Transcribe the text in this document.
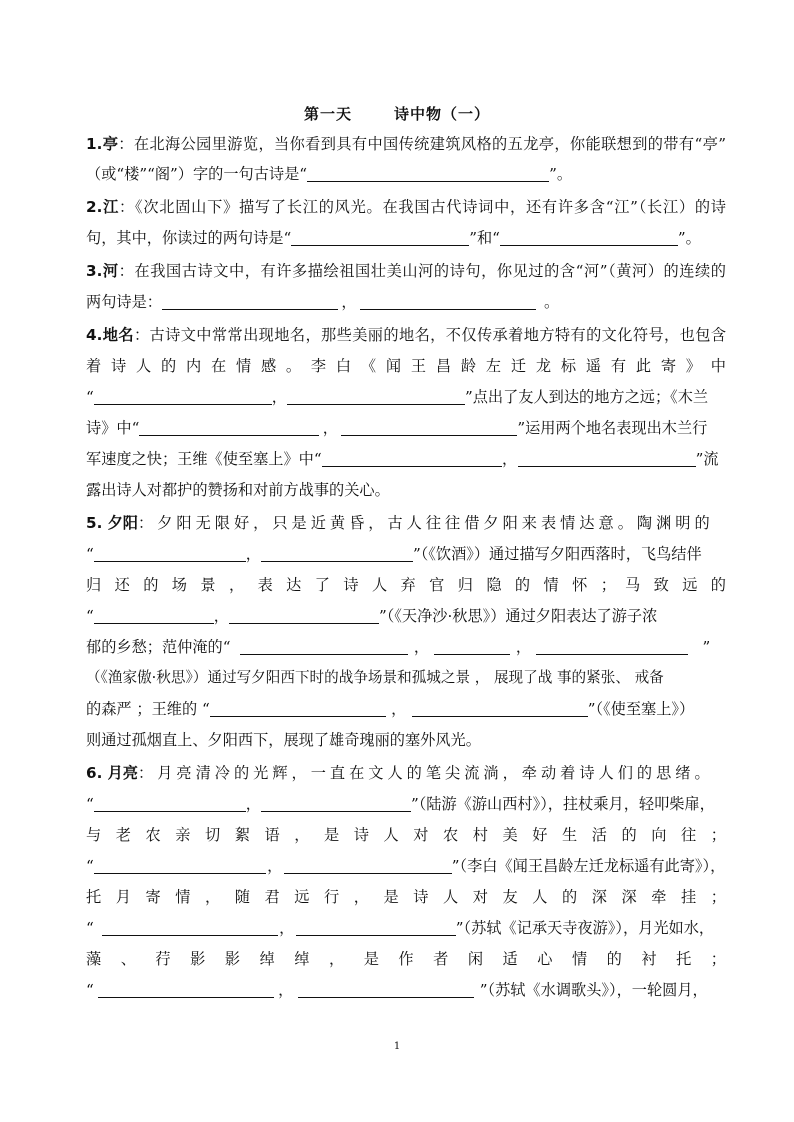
第一天	诗中物（一）
1.亭：在北海公园里游览，当你看到具有中国传统建筑风格的五龙亭，你能联想到的带有“亭”
（或“楼”“阁”）字的一句古诗是“	”。
2.江：《次北固山下》描写了长江的风光。在我国古代诗词中，还有许多含“江”（长江）的诗
句，其中，你读过的两句诗是“	”和“	”。
3.河：在我国古诗文中，有许多描绘祖国壮美山河的诗句，你见过的含“河”（黄河）的连续的
两句诗是：	，	。
4.地名：古诗文中常常出现地名，那些美丽的地名，不仅传承着地方特有的文化符号，也包含
着 诗 人 的 内 在 情 感 。 李 白 《 闻 王 昌 龄 左 迁 龙 标 遥 有 此 寄 》 中
“	，	”点出了友人到达的地方之远；《木兰
诗》中“	，	”运用两个地名表现出木兰行
军速度之快；王维《使至塞上》中“	，	”流
露出诗人对都护的赞扬和对前方战事的关心。
5. 夕阳：夕阳无限好，只是近黄昏，古人往往借夕阳来表情达意。陶渊明的
“	，	”（《饮酒》）通过描写夕阳西落时，飞鸟结伴
归 还 的 场 景 ， 表 达 了 诗 人 弃 官 归 隐 的 情 怀 ； 马 致 远 的
“	，	”（《天净沙·秋思》）通过夕阳表达了游子浓
郁的乡愁；范仲淹的“	，	，	”
（《渔家傲·秋思》）通过写夕阳西下时的战争场景和孤城之景 ， 展现了战 事的紧张、 戒备
的森严 ；王维的 “	，	”（《使至塞上》）
则通过孤烟直上、夕阳西下，展现了雄奇瑰丽的塞外风光。
6. 月亮：月亮清冷的光辉，一直在文人的笔尖流淌，牵动着诗人们的思绪。
“	，	”（陆游《游山西村》），拄杖乘月，轻叩柴扉，
与 老 农 亲 切 絮 语 ， 是 诗 人 对 农 村 美 好 生 活 的 向 往 ；
“	，	”（李白《闻王昌龄左迁龙标遥有此寄》），
托 月 寄 情 ， 随 君 远 行 ， 是 诗 人 对 友 人 的 深 深 牵 挂 ；
“	，	”（苏轼《记承天寺夜游》），月光如水，
藻 、 荇 影 影 绰 绰 ， 是 作 者 闲 适 心 情 的 衬 托 ；
“	，	”（苏轼《水调歌头》），一轮圆月，
1
